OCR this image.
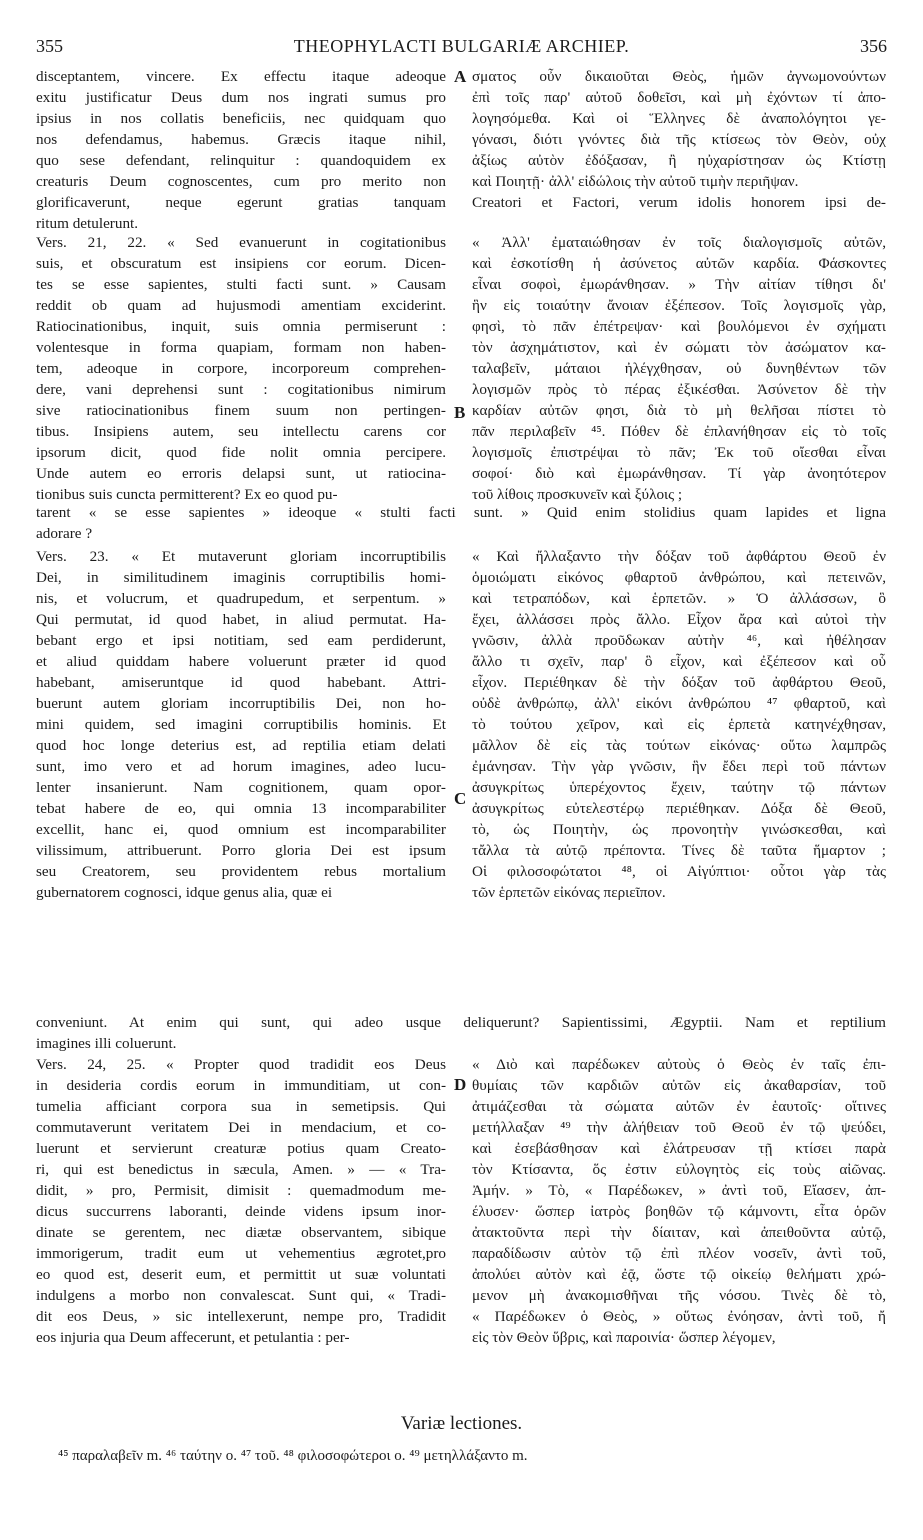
355	THEOPHYLACTI BULGARIÆ ARCHIEP.	356
A
B
C
D
disceptantem, vincere. Ex effectu itaque adeoque
exitu justificatur Deus dum nos ingrati sumus pro
ipsius in nos collatis beneficiis, nec quidquam quo
nos defendamus, habemus. Græcis itaque nihil,
quo sese defendant, relinquitur : quandoquidem ex
creaturis Deum cognoscentes, cum pro merito non
glorificaverunt, neque egerunt gratias tanquam
ritum detulerunt.
σματος οὖν δικαιοῦται Θεὸς, ἡμῶν ἀγνωμονούντων
ἐπὶ τοῖς παρ' αὐτοῦ δοθεῖσι, καὶ μὴ ἐχόντων τί ἀπο-
λογησόμεθα. Καὶ οἱ Ἕλληνες δὲ ἀναπολόγητοι γε-
γόνασι, διότι γνόντες διὰ τῆς κτίσεως τὸν Θεὸν, οὐχ
ἀξίως αὐτὸν ἐδόξασαν, ἢ ηὐχαρίστησαν ὡς Κτίστῃ
καὶ Ποιητῇ· ἀλλ' εἰδώλοις τὴν αὐτοῦ τιμὴν περιῆψαν.
Vers. 21, 22. « Sed evanuerunt in cogitationibus
suis, et obscuratum est insipiens cor eorum. Dicen-
tes se esse sapientes, stulti facti sunt. » Causam
reddit ob quam ad hujusmodi amentiam exciderint.
Ratiocinationibus, inquit, suis omnia permiserunt :
volentesque in forma quapiam, formam non haben-
tem, adeoque in corpore, incorporeum comprehen-
dere, vani deprehensi sunt : cogitationibus nimirum
sive ratiocinationibus finem suum non pertingen-
tibus. Insipiens autem, seu intellectu carens cor
ipsorum dicit, quod fide nolit omnia percipere.
Unde autem eo erroris delapsi sunt, ut ratiocina-
tionibus suis cuncta permitterent? Ex eo quod pu-
« Ἀλλ' ἐματαιώθησαν ἐν τοῖς διαλογισμοῖς αὐτῶν,
καὶ ἐσκοτίσθη ἡ ἀσύνετος αὐτῶν καρδία. Φάσκοντες
εἶναι σοφοὶ, ἐμωράνθησαν. » Τὴν αἰτίαν τίθησι δι'
ἣν εἰς τοιαύτην ἄνοιαν ἐξέπεσον. Τοῖς λογισμοῖς γὰρ,
φησὶ, τὸ πᾶν ἐπέτρεψαν· καὶ βουλόμενοι ἐν σχήματι
τὸν ἀσχημάτιστον, καὶ ἐν σώματι τὸν ἀσώματον κα-
ταλαβεῖν, μάταιοι ἠλέγχθησαν, οὐ δυνηθέντων τῶν
λογισμῶν πρὸς τὸ πέρας ἐξικέσθαι. Ἀσύνετον δὲ τὴν
καρδίαν αὐτῶν φησι, διὰ τὸ μὴ θελῆσαι πίστει τὸ
πᾶν περιλαβεῖν ⁴⁵. Πόθεν δὲ ἐπλανήθησαν εἰς τὸ τοῖς
λογισμοῖς ἐπιστρέψαι τὸ πᾶν; Ἐκ τοῦ οἴεσθαι εἶναι
σοφοί· διὸ καὶ ἐμωράνθησαν. Τί γὰρ ἀνοητότερον
τοῦ λίθοις προσκυνεῖν καὶ ξύλοις ;
tarent « se esse sapientes » ideoque « stulti facti sunt. » Quid enim stolidius quam lapides et ligna
adorare ?
Vers. 23. « Et mutaverunt gloriam incorruptibilis
Dei, in similitudinem imaginis corruptibilis homi-
nis, et volucrum, et quadrupedum, et serpentum. »
Qui permutat, id quod habet, in aliud permutat. Ha-
bebant ergo et ipsi notitiam, sed eam perdiderunt,
et aliud quiddam habere voluerunt præter id quod
habebant, amiseruntque id quod habebant. Attri-
buerunt autem gloriam incorruptibilis Dei, non ho-
mini quidem, sed imagini corruptibilis hominis. Et
quod hoc longe deterius est, ad reptilia etiam delati
sunt, imo vero et ad horum imagines, adeo lucu-
lenter insanierunt. Nam cognitionem, quam opor-
tebat habere de eo, qui omnia 13 incomparabiliter
excellit, hanc ei, quod omnium est incomparabiliter
vilissimum, attribuerunt. Porro gloria Dei est ipsum
seu Creatorem, seu providentem rebus mortalium
gubernatorem cognosci, idque genus alia, quæ ei
« Καὶ ἤλλαξαντο τὴν δόξαν τοῦ ἀφθάρτου Θεοῦ ἐν
ὁμοιώματι εἰκόνος φθαρτοῦ ἀνθρώπου, καὶ πετεινῶν,
καὶ τετραπόδων, καὶ ἑρπετῶν. » Ὁ ἀλλάσσων, ὃ
ἔχει, ἀλλάσσει πρὸς ἄλλο. Εἶχον ἄρα καὶ αὐτοὶ τὴν
γνῶσιν, ἀλλὰ προῦδωκαν αὐτὴν ⁴⁶, καὶ ἠθέλησαν
ἄλλο τι σχεῖν, παρ' ὃ εἶχον, καὶ ἐξέπεσον καὶ οὗ
εἶχον. Περιέθηκαν δὲ τὴν δόξαν τοῦ ἀφθάρτου Θεοῦ,
οὐδὲ ἀνθρώπῳ, ἀλλ' εἰκόνι ἀνθρώπου ⁴⁷ φθαρτοῦ, καὶ
τὸ τούτου χεῖρον, καὶ εἰς ἑρπετὰ κατηνέχθησαν,
μᾶλλον δὲ εἰς τὰς τούτων εἰκόνας· οὕτω λαμπρῶς
ἐμάνησαν. Τὴν γὰρ γνῶσιν, ἣν ἔδει περὶ τοῦ πάντων
ἀσυγκρίτως ὑπερέχοντος ἔχειν, ταύτην τῷ πάντων
ἀσυγκρίτως εὐτελεστέρῳ περιέθηκαν. Δόξα δὲ Θεοῦ,
τὸ, ὡς Ποιητὴν, ὡς προνοητὴν γινώσκεσθαι, καὶ
τἄλλα τὰ αὐτῷ πρέποντα. Τίνες δὲ ταῦτα ἥμαρτον ;
Οἱ φιλοσοφώτατοι ⁴⁸, οἱ Αἰγύπτιοι· οὗτοι γὰρ τὰς
τῶν ἑρπετῶν εἰκόνας περιεῖπον.
conveniunt. At enim qui sunt, qui adeo usque deliquerunt? Sapientissimi, Ægyptii. Nam et reptilium
imagines illi coluerunt.
Vers. 24, 25. « Propter quod tradidit eos Deus
in desideria cordis eorum in immunditiam, ut con-
tumelia afficiant corpora sua in semetipsis. Qui
commutaverunt veritatem Dei in mendacium, et co-
luerunt et servierunt creaturæ potius quam Creato-
ri, qui est benedictus in sæcula, Amen. » — « Tra-
didit, » pro, Permisit, dimisit : quemadmodum me-
dicus succurrens laboranti, deinde videns ipsum inor-
dinate se gerentem, nec diætæ observantem, sibique
immorigerum, tradit eum ut vehementius ægrotet,pro
eo quod est, deserit eum, et permittit ut suæ voluntati
indulgens a morbo non convalescat. Sunt qui, « Tradi-
dit eos Deus, » sic intellexerunt, nempe pro, Tradidit
eos injuria qua Deum affecerunt, et petulantia : per-
« Διὸ καὶ παρέδωκεν αὐτοὺς ὁ Θεὸς ἐν ταῖς ἐπι-
θυμίαις τῶν καρδιῶν αὐτῶν εἰς ἀκαθαρσίαν, τοῦ
ἀτιμάζεσθαι τὰ σώματα αὐτῶν ἐν ἑαυτοῖς· οἵτινες
μετήλλαξαν ⁴⁹ τὴν ἀλήθειαν τοῦ Θεοῦ ἐν τῷ ψεύδει,
καὶ ἐσεβάσθησαν καὶ ἐλάτρευσαν τῇ κτίσει παρὰ
τὸν Κτίσαντα, ὅς ἐστιν εὐλογητὸς εἰς τοὺς αἰῶνας.
Ἀμήν. » Τὸ, « Παρέδωκεν, » ἀντὶ τοῦ, Εἴασεν, ἀπ-
έλυσεν· ὥσπερ ἰατρὸς βοηθῶν τῷ κάμνοντι, εἶτα ὁρῶν
ἀτακτοῦντα περὶ τὴν δίαιταν, καὶ ἀπειθοῦντα αὐτῷ,
παραδίδωσιν αὐτὸν τῷ ἐπὶ πλέον νοσεῖν, ἀντὶ τοῦ,
ἀπολύει αὐτὸν καὶ ἐᾷ, ὥστε τῷ οἰκείῳ θελήματι χρώ-
μενον μὴ ἀνακομισθῆναι τῆς νόσου. Τινὲς δὲ τὸ,
« Παρέδωκεν ὁ Θεὸς, » οὕτως ἐνόησαν, ἀντὶ τοῦ, ἤ
εἰς τὸν Θεὸν ὕβρις, καὶ παροινία· ὥσπερ λέγομεν,
Creatori et Factori, verum idolis honorem ipsi de-
Variæ lectiones.
⁴⁵ παραλαβεῖν m. ⁴⁶ ταύτην o. ⁴⁷ τοῦ. ⁴⁸ φιλοσοφώτεροι o. ⁴⁹ μετηλλάξαντο m.
